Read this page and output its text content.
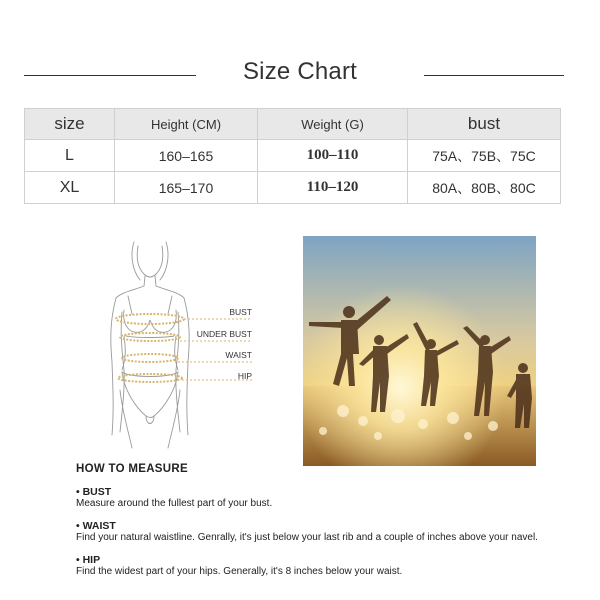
Size Chart
size	Height (CM)	Weight (G)	bust
L	160–165	100–110	75A、75B、75C
XL	165–170	110–120	80A、80B、80C
BUST
UNDER BUST
WAIST
HIP
HOW TO MEASURE
• BUST
Measure around the fullest part of your bust.
• WAIST
Find your natural waistline. Genrally, it's just below your last rib and a couple of inches above your navel.
• HIP
Find the widest part of your hips. Generally, it's 8 inches below your waist.
